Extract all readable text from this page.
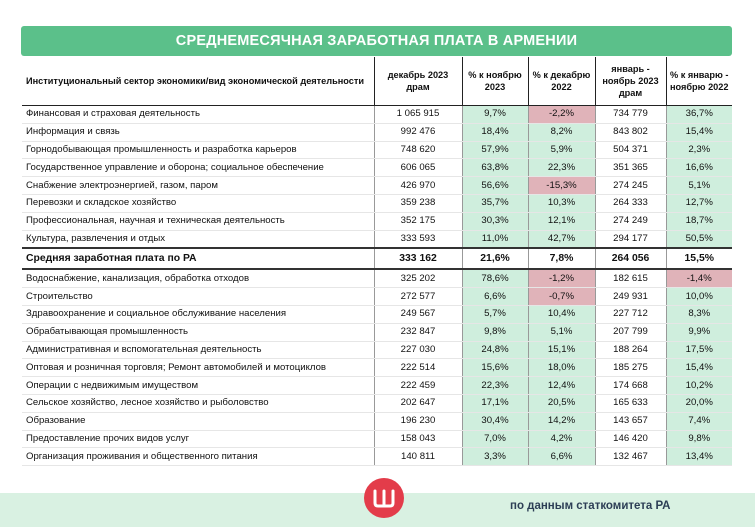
СРЕДНЕМЕСЯЧНАЯ ЗАРАБОТНАЯ ПЛАТА В АРМЕНИИ
Институциональный сектор экономики/вид экономической деятельности	декабрь 2023 драм	% к ноябрю 2023	% к декабрю 2022	январь - ноябрь 2023 драм	% к январю - ноябрю 2022
Финансовая и страховая деятельность	1 065 915	9,7%	-2,2%	734 779	36,7%
Информация и связь	992 476	18,4%	8,2%	843 802	15,4%
Горнодобывающая промышленность и разработка карьеров	748 620	57,9%	5,9%	504 371	2,3%
Государственное управление и оборона; социальное обеспечение	606 065	63,8%	22,3%	351 365	16,6%
Снабжение электроэнергией, газом, паром	426 970	56,6%	-15,3%	274 245	5,1%
Перевозки и складское хозяйство	359 238	35,7%	10,3%	264 333	12,7%
Профессиональная, научная и техническая деятельность	352 175	30,3%	12,1%	274 249	18,7%
Культура, развлечения и отдых	333 593	11,0%	42,7%	294 177	50,5%
Средняя заработная плата по РА	333 162	21,6%	7,8%	264 056	15,5%
Водоснабжение, канализация, обработка отходов	325 202	78,6%	-1,2%	182 615	-1,4%
Строительство	272 577	6,6%	-0,7%	249 931	10,0%
Здравоохранение и социальное обслуживание населения	249 567	5,7%	10,4%	227 712	8,3%
Обрабатывающая промышленность	232 847	9,8%	5,1%	207 799	9,9%
Административная и вспомогательная деятельность	227 030	24,8%	15,1%	188 264	17,5%
Оптовая и розничная торговля; Ремонт автомобилей и мотоциклов	222 514	15,6%	18,0%	185 275	15,4%
Операции с недвижимым имуществом	222 459	22,3%	12,4%	174 668	10,2%
Сельское хозяйство, лесное хозяйство и рыболовство	202 647	17,1%	20,5%	165 633	20,0%
Образование	196 230	30,4%	14,2%	143 657	7,4%
Предоставление прочих видов услуг	158 043	7,0%	4,2%	146 420	9,8%
Организация проживания и общественного питания	140 811	3,3%	6,6%	132 467	13,4%
по данным статкомитета РА
